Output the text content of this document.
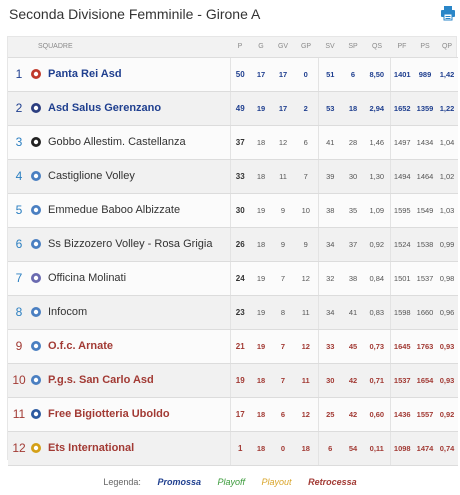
Seconda Divisione Femminile - Girone A
	SQUADRE	P	G	GV	GP	SV	SP	QS	PF	PS	QP
1	Panta Rei Asd	50	17	17	0	51	6	8,50	1401	989	1,42
2	Asd Salus Gerenzano	49	19	17	2	53	18	2,94	1652	1359	1,22
3	Gobbo Allestim. Castellanza	37	18	12	6	41	28	1,46	1497	1434	1,04
4	Castiglione Volley	33	18	11	7	39	30	1,30	1494	1464	1,02
5	Emmedue Baboo Albizzate	30	19	9	10	38	35	1,09	1595	1549	1,03
6	Ss Bizzozero Volley - Rosa Grigia	26	18	9	9	34	37	0,92	1524	1538	0,99
7	Officina Molinati	24	19	7	12	32	38	0,84	1501	1537	0,98
8	Infocom	23	19	8	11	34	41	0,83	1598	1660	0,96
9	O.f.c. Arnate	21	19	7	12	33	45	0,73	1645	1763	0,93
10	P.g.s. San Carlo Asd	19	18	7	11	30	42	0,71	1537	1654	0,93
11	Free Bigiotteria Uboldo	17	18	6	12	25	42	0,60	1436	1557	0,92
12	Ets International	1	18	0	18	6	54	0,11	1098	1474	0,74
Legenda: Promossa Playoff Playout Retrocessa
